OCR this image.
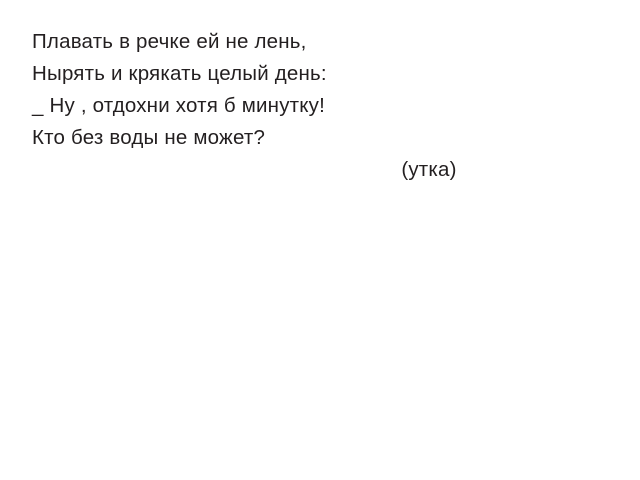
Плавать в речке ей не лень,
Нырять и крякать целый день:
_ Ну , отдохни хотя б минутку!
Кто без воды не может?
(утка)
